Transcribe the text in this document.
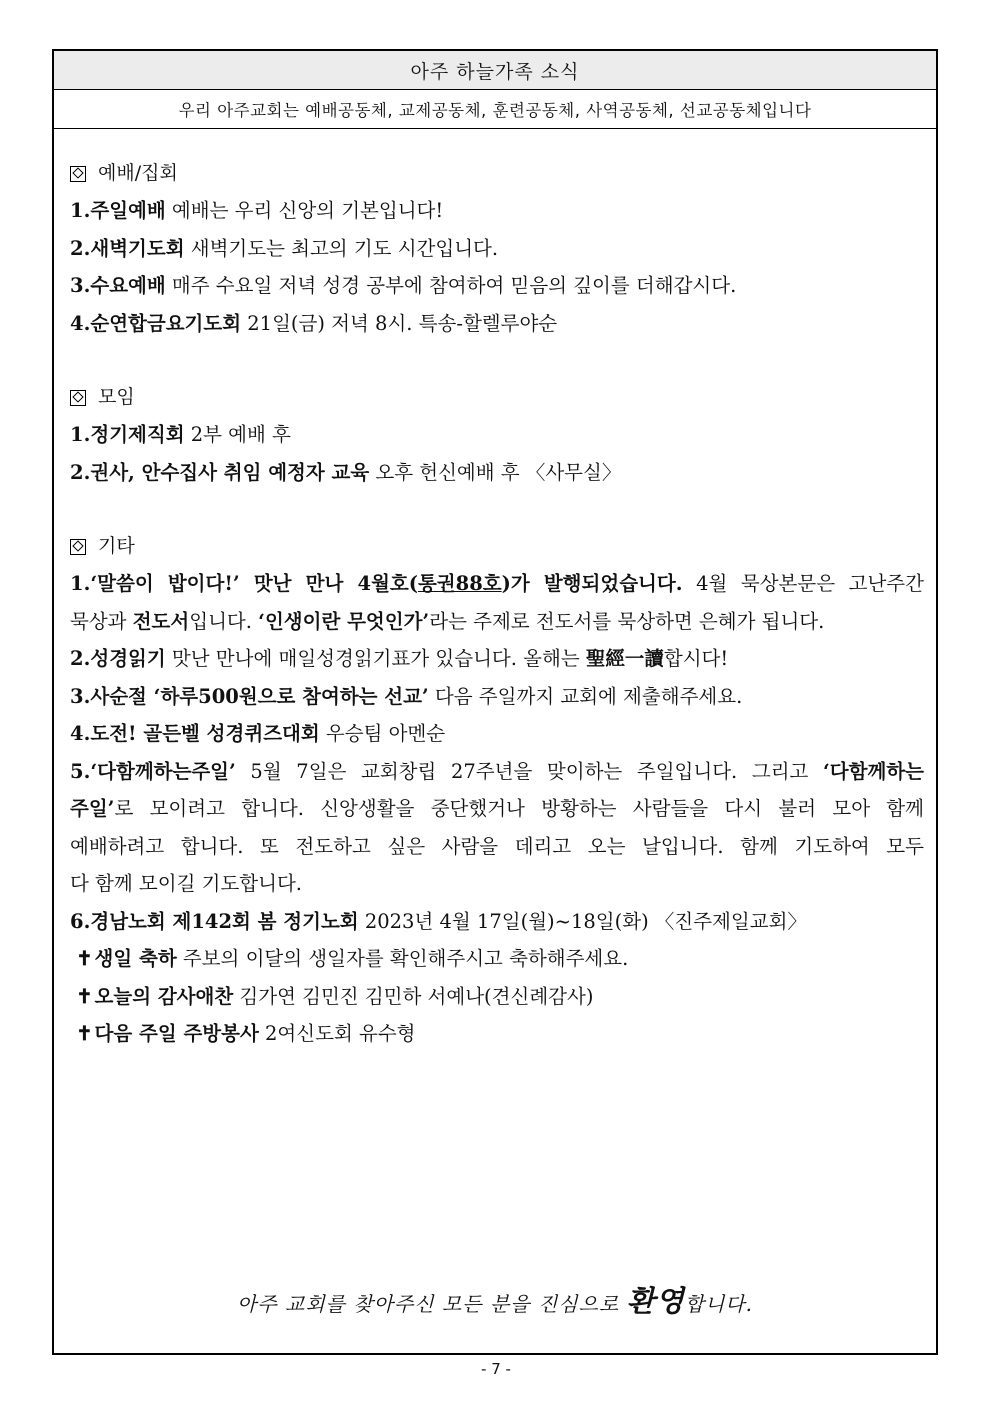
아주 하늘가족 소식
우리 아주교회는 예배공동체, 교제공동체, 훈련공동체, 사역공동체, 선교공동체입니다
예배/집회
1.주일예배 예배는 우리 신앙의 기본입니다!
2.새벽기도회 새벽기도는 최고의 기도 시간입니다.
3.수요예배 매주 수요일 저녁 성경 공부에 참여하여 믿음의 깊이를 더해갑시다.
4.순연합금요기도회 21일(금) 저녁 8시. 특송-할렐루야순
모임
1.정기제직회 2부 예배 후
2.권사, 안수집사 취임 예정자 교육 오후 헌신예배 후 〈사무실〉
기타
1.‘말씀이 밥이다!’ 맛난 만나 4월호(통권88호)가 발행되었습니다. 4월 묵상본문은 고난주간
묵상과 전도서입니다. ‘인생이란 무엇인가’라는 주제로 전도서를 묵상하면 은혜가 됩니다.
2.성경읽기 맛난 만나에 매일성경읽기표가 있습니다. 올해는 聖經一讀합시다!
3.사순절 ‘하루500원으로 참여하는 선교’ 다음 주일까지 교회에 제출해주세요.
4.도전! 골든벨 성경퀴즈대회 우승팀 아멘순
5.‘다함께하는주일’ 5월 7일은 교회창립 27주년을 맞이하는 주일입니다. 그리고 ‘다함께하는
주일’로 모이려고 합니다. 신앙생활을 중단했거나 방황하는 사람들을 다시 불러 모아 함께
예배하려고 합니다. 또 전도하고 싶은 사람을 데리고 오는 날입니다. 함께 기도하여 모두
다 함께 모이길 기도합니다.
6.경남노회 제142회 봄 정기노회 2023년 4월 17일(월)~18일(화) 〈진주제일교회〉
✝ 생일 축하 주보의 이달의 생일자를 확인해주시고 축하해주세요.
✝ 오늘의 감사애찬 김가연 김민진 김민하 서예나(견신례감사)
✝ 다음 주일 주방봉사 2여신도회 유수형
아주 교회를 찾아주신 모든 분을 진심으로 환영합니다.
- 7 -
